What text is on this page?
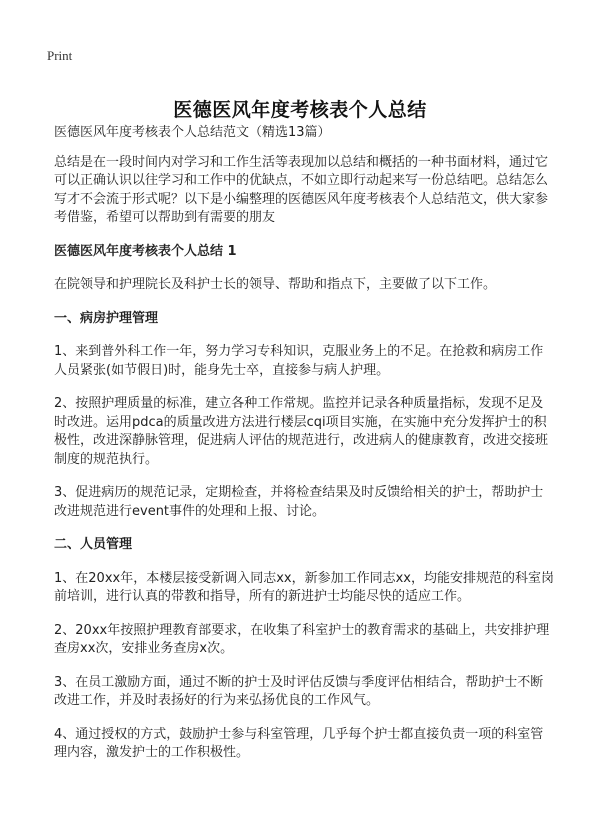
Print
医德医风年度考核表个人总结

医德医风年度考核表个人总结范文（精选13篇）

总结是在一段时间内对学习和工作生活等表现加以总结和概括的一种书面材料，通过它可以正确认识以往学习和工作中的优缺点，不如立即行动起来写一份总结吧。总结怎么写才不会流于形式呢？以下是小编整理的医德医风年度考核表个人总结范文，供大家参考借鉴，希望可以帮助到有需要的朋友

医德医风年度考核表个人总结 1

在院领导和护理院长及科护士长的领导、帮助和指点下，主要做了以下工作。

一、病房护理管理

1、来到普外科工作一年，努力学习专科知识，克服业务上的不足。在抢救和病房工作人员紧张(如节假日)时，能身先士卒，直接参与病人护理。

2、按照护理质量的标准，建立各种工作常规。监控并记录各种质量指标，发现不足及时改进。运用pdca的质量改进方法进行楼层cqi项目实施，在实施中充分发挥护士的积极性，改进深静脉管理，促进病人评估的规范进行，改进病人的健康教育，改进交接班制度的规范执行。

3、促进病历的规范记录，定期检查，并将检查结果及时反馈给相关的护士，帮助护士改进规范进行event事件的处理和上报、讨论。

二、人员管理

1、在20xx年，本楼层接受新调入同志xx，新参加工作同志xx，均能安排规范的科室岗前培训，进行认真的带教和指导，所有的新进护士均能尽快的适应工作。

2、20xx年按照护理教育部要求，在收集了科室护士的教育需求的基础上，共安排护理查房xx次，安排业务查房x次。

3、在员工激励方面，通过不断的护士及时评估反馈与季度评估相结合，帮助护士不断改进工作，并及时表扬好的行为来弘扬优良的工作风气。

4、通过授权的方式，鼓励护士参与科室管理，几乎每个护士都直接负责一项的科室管理内容，激发护士的工作积极性。
